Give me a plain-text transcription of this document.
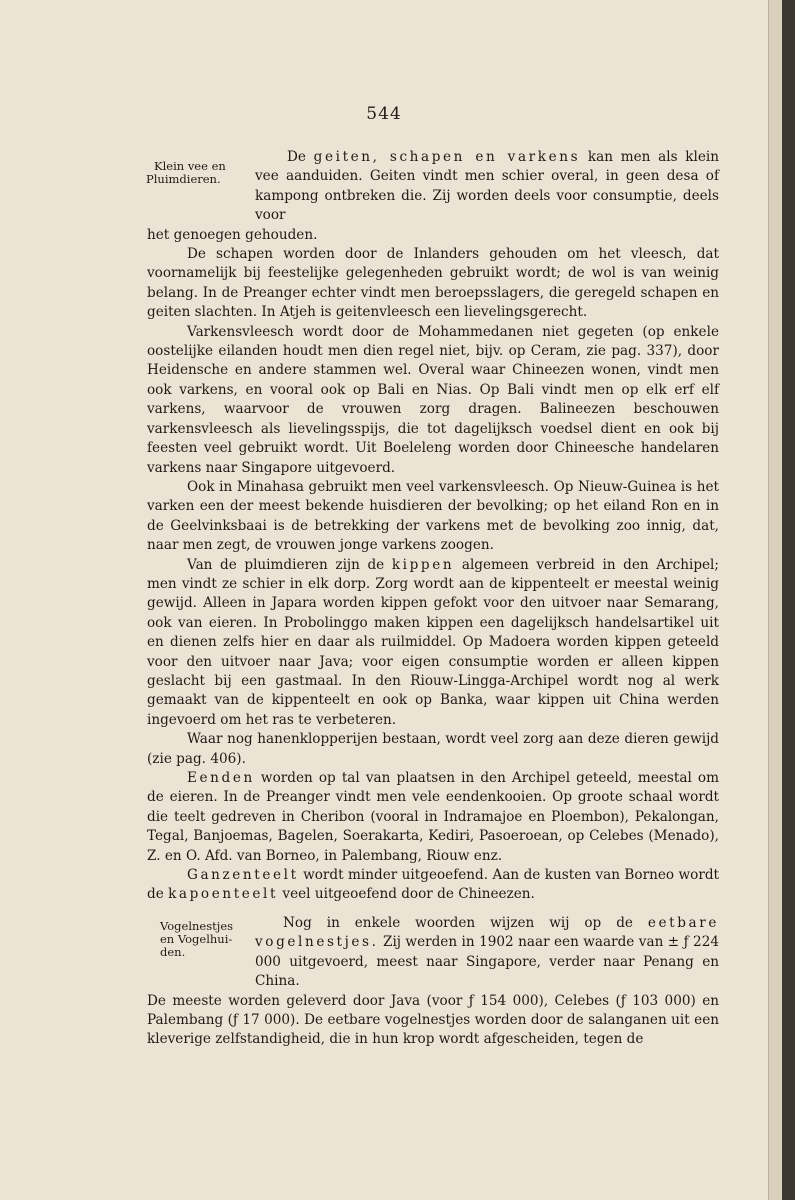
544
Klein vee en
Pluimdieren.

De geiten, schapen en varkens kan men als klein vee aanduiden. Geiten vindt men schier overal, in geen desa of kampong ontbreken die. Zij worden deels voor consumptie, deels voor

het genoegen gehouden.

De schapen worden door de Inlanders gehouden om het vleesch, dat voornamelijk bij feestelijke gelegenheden gebruikt wordt; de wol is van weinig belang. In de Preanger echter vindt men beroepsslagers, die geregeld schapen en geiten slachten. In Atjeh is geitenvleesch een lievelingsgerecht.

Varkensvleesch wordt door de Mohammedanen niet gegeten (op enkele oostelijke eilanden houdt men dien regel niet, bijv. op Ceram, zie pag. 337), door Heidensche en andere stammen wel. Overal waar Chineezen wonen, vindt men ook varkens, en vooral ook op Bali en Nias. Op Bali vindt men op elk erf elf varkens, waarvoor de vrouwen zorg dragen. Balineezen beschouwen varkensvleesch als lievelingsspijs, die tot dagelijksch voedsel dient en ook bij feesten veel gebruikt wordt. Uit Boeleleng worden door Chineesche handelaren varkens naar Singapore uitgevoerd.

Ook in Minahasa gebruikt men veel varkensvleesch. Op Nieuw-Guinea is het varken een der meest bekende huisdieren der bevolking; op het eiland Ron en in de Geelvinksbaai is de betrekking der varkens met de bevolking zoo innig, dat, naar men zegt, de vrouwen jonge varkens zoogen.

Van de pluimdieren zijn de kippen algemeen verbreid in den Archipel; men vindt ze schier in elk dorp. Zorg wordt aan de kippenteelt er meestal weinig gewijd. Alleen in Japara worden kippen gefokt voor den uitvoer naar Semarang, ook van eieren. In Probolinggo maken kippen een dagelijksch handelsartikel uit en dienen zelfs hier en daar als ruilmiddel. Op Madoera worden kippen geteeld voor den uitvoer naar Java; voor eigen consumptie worden er alleen kippen geslacht bij een gastmaal. In den Riouw-Lingga-Archipel wordt nog al werk gemaakt van de kippenteelt en ook op Banka, waar kippen uit China werden ingevoerd om het ras te verbeteren.

Waar nog hanenklopperijen bestaan, wordt veel zorg aan deze dieren gewijd (zie pag. 406).

Eenden worden op tal van plaatsen in den Archipel geteeld, meestal om de eieren. In de Preanger vindt men vele eendenkooien. Op groote schaal wordt die teelt gedreven in Cheribon (vooral in Indramajoe en Ploembon), Pekalongan, Tegal, Banjoemas, Bagelen, Soerakarta, Kediri, Pasoeroean, op Celebes (Menado), Z. en O. Afd. van Borneo, in Palembang, Riouw enz.

Ganzenteelt wordt minder uitgeoefend. Aan de kusten van Borneo wordt de kapoenteelt veel uitgeoefend door de Chineezen.

Vogelnestjes
en Vogelhui-
den.

Nog in enkele woorden wijzen wij op de eetbare vogelnestjes. Zij werden in 1902 naar een waarde van ± ƒ 224 000 uitgevoerd, meest naar Singapore, verder naar Penang en China.

De meeste worden geleverd door Java (voor ƒ 154 000), Celebes (ƒ 103 000) en Palembang (ƒ 17 000). De eetbare vogelnestjes worden door de salanganen uit een kleverige zelfstandigheid, die in hun krop wordt afgescheiden, tegen de
